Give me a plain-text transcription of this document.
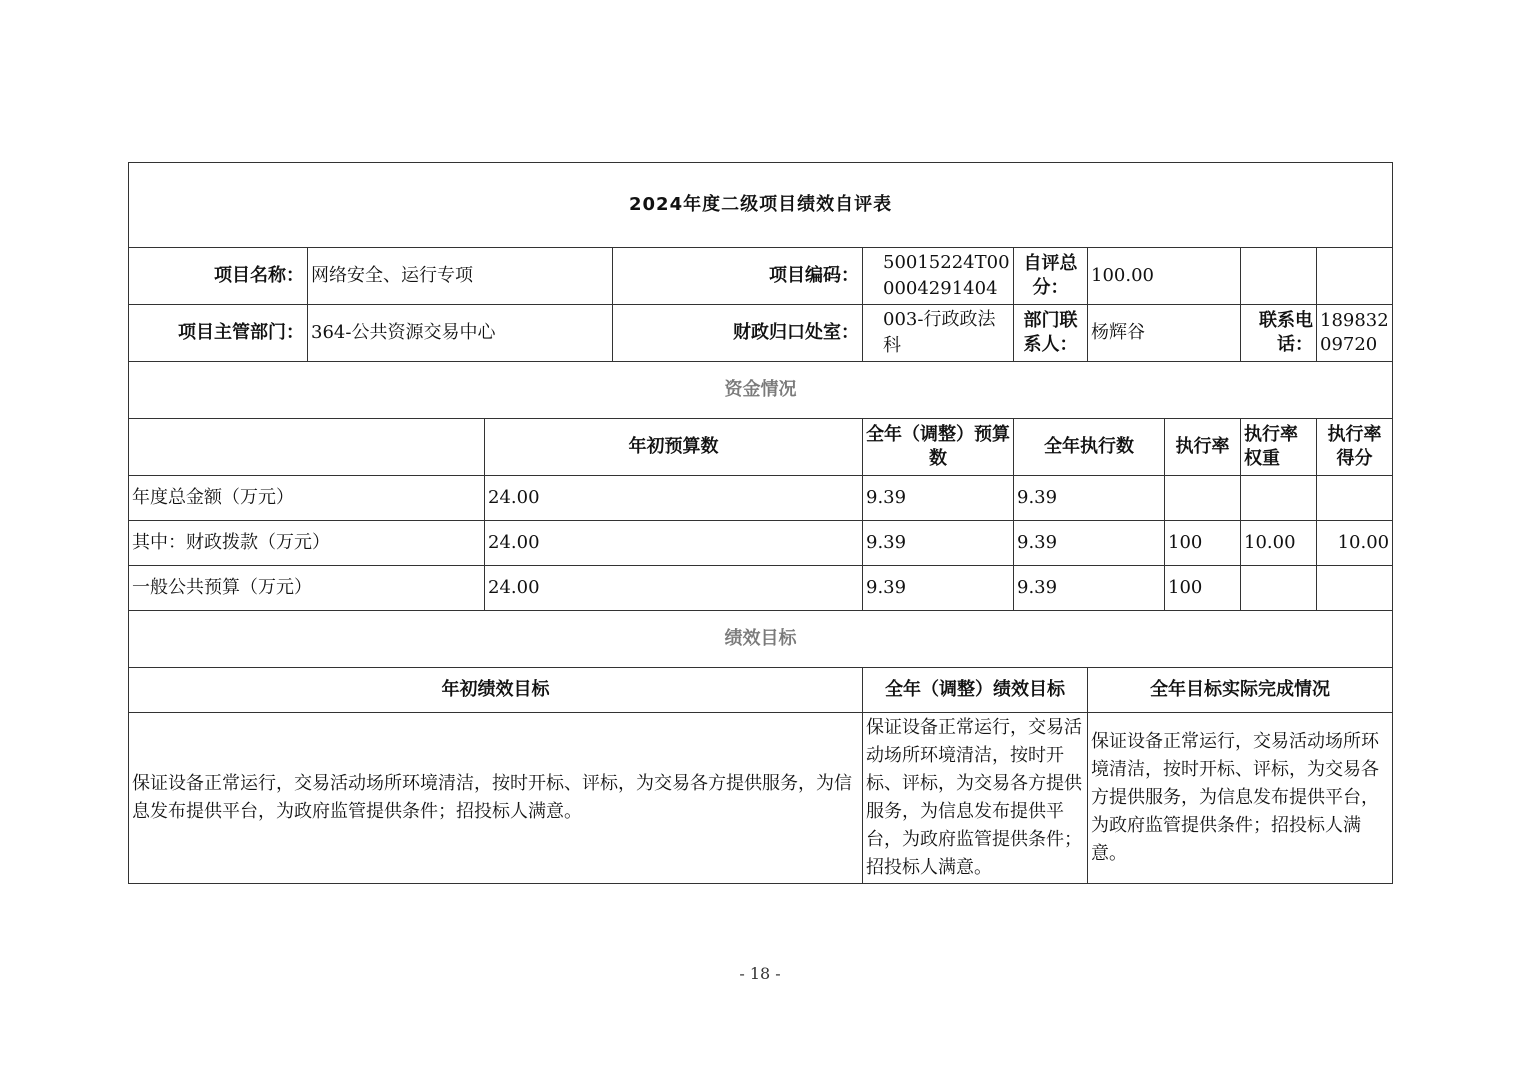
2024年度二级项目绩效自评表									
项目名称：	网络安全、运行专项		项目编码：	50015224T000004291404	自评总分：	100.00			
项目主管部门：	364-公共资源交易中心		财政归口处室：	003-行政政法科	部门联系人：	杨辉谷		联系电话：	18983209720
资金情况									
		年初预算数		全年（调整）预算数	全年执行数		执行率	执行率权重	执行率得分
年度总金额（万元）		24.00		9.39	9.39				
其中：财政拨款（万元）		24.00		9.39	9.39		100	10.00	10.00
一般公共预算（万元）		24.00		9.39	9.39		100		
绩效目标									
年初绩效目标				全年（调整）绩效目标		全年目标实际完成情况			
保证设备正常运行，交易活动场所环境清洁，按时开标、评标，为交易各方提供服务，为信息发布提供平台，为政府监管提供条件；招投标人满意。				保证设备正常运行，交易活动场所环境清洁，按时开标、评标，为交易各方提供服务，为信息发布提供平台，为政府监管提供条件；招投标人满意。		保证设备正常运行，交易活动场所环境清洁，按时开标、评标，为交易各方提供服务，为信息发布提供平台，为政府监管提供条件；招投标人满意。			
- 18 -
